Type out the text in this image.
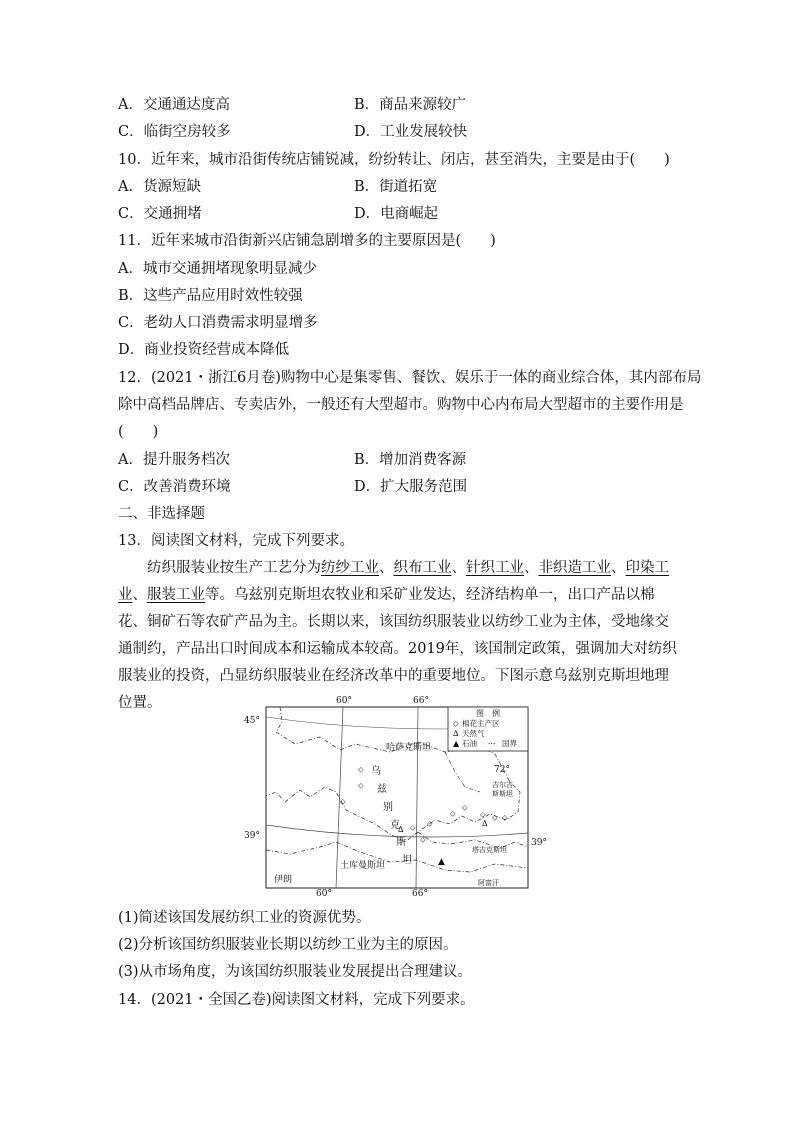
A．交通通达度高	B．商品来源较广
C．临街空房较多	D．工业发展较快
10．近年来，城市沿街传统店铺锐减，纷纷转让、闭店，甚至消失，主要是由于(　　)
A．货源短缺	B．街道拓宽
C．交通拥堵	D．电商崛起
11．近年来城市沿街新兴店铺急剧增多的主要原因是(　　)
A．城市交通拥堵现象明显减少
B．这些产品应用时效性较强
C．老幼人口消费需求明显增多
D．商业投资经营成本降低
12．(2021・浙江6月卷)购物中心是集零售、餐饮、娱乐于一体的商业综合体，其内部布局
除中高档品牌店、专卖店外，一般还有大型超市。购物中心内布局大型超市的主要作用是
(　　)
A．提升服务档次	B．增加消费客源
C．改善消费环境	D．扩大服务范围
二、非选择题
13．阅读图文材料，完成下列要求。
纺织服装业按生产工艺分为纺纱工业、织布工业、针织工业、非织造工业、印染工业、服装工业等。乌兹别克斯坦农牧业和采矿业发达，经济结构单一，出口产品以棉花、铜矿石等农矿产品为主。长期以来，该国纺织服装业以纺纱工业为主体，受地缘交通制约，产品出口时间成本和运输成本较高。2019年，该国制定政策，强调加大对纺织服装业的投资，凸显纺织服装业在经济改革中的重要地位。下图示意乌兹别克斯坦地理位置。
图　例
⬦ 棉花主产区
∆ 天然气
▲ 石油 -·- 国界
60°	66°
45°
39°
39°
72°
60°	66°
哈萨克斯坦
乌
兹
别
克
斯
坦
吉尔吉
斯斯坦
塔吉克斯坦
土库曼斯坦
伊朗	阿富汗
⬦
⬦
⬦
⬦
⬦
⬦
⬦
⬦
⬦ ⬦ ⬦
∆
∆
▲
(1)简述该国发展纺织工业的资源优势。
(2)分析该国纺织服装业长期以纺纱工业为主的原因。
(3)从市场角度，为该国纺织服装业发展提出合理建议。
14．(2021・全国乙卷)阅读图文材料，完成下列要求。
